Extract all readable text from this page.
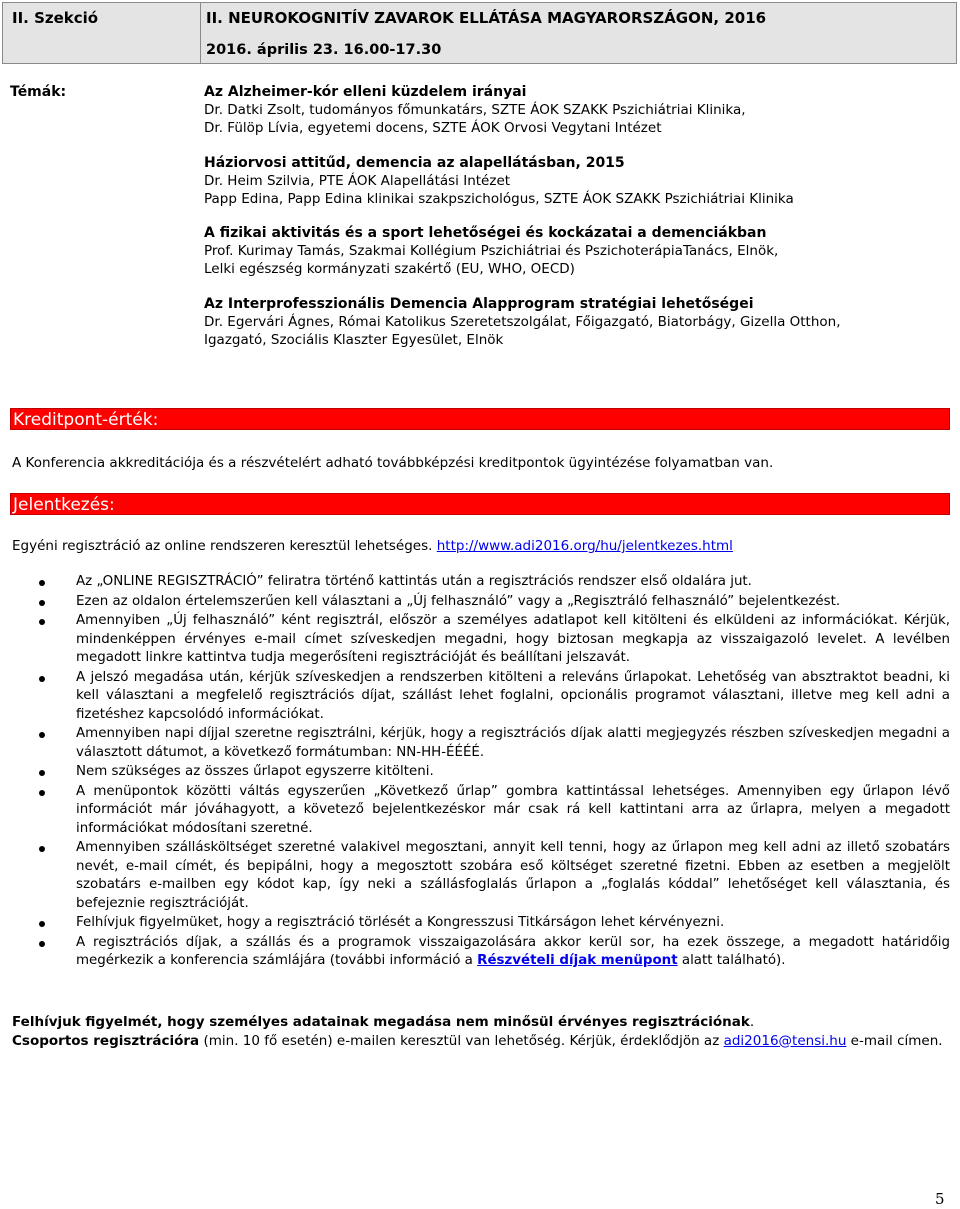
II. Szekció	II. NEUROKOGNITÍV ZAVAROK ELLÁTÁSA MAGYARORSZÁGON, 2016
2016. április 23. 16.00-17.30
Témák:	Az Alzheimer-kór elleni küzdelem irányai
Dr. Datki Zsolt, tudományos főmunkatárs, SZTE ÁOK SZAKK Pszichiátriai Klinika,
Dr. Fülöp Lívia, egyetemi docens, SZTE ÁOK Orvosi Vegytani Intézet
Háziorvosi attitűd, demencia az alapellátásban, 2015
Dr. Heim Szilvia, PTE ÁOK Alapellátási Intézet
Papp Edina, Papp Edina klinikai szakpszichológus, SZTE ÁOK SZAKK Pszichiátriai Klinika
A fizikai aktivitás és a sport lehetőségei és kockázatai a demenciákban
Prof. Kurimay Tamás, Szakmai Kollégium Pszichiátriai és PszichoterápiaTanács, Elnök,
Lelki egészség kormányzati szakértő (EU, WHO, OECD)
Az Interprofesszionális Demencia Alapprogram stratégiai lehetőségei
Dr. Egervári Ágnes, Római Katolikus Szeretetszolgálat, Főigazgató, Biatorbágy, Gizella Otthon,
Igazgató, Szociális Klaszter Egyesület, Elnök
Kreditpont-érték:
A Konferencia akkreditációja és a részvételért adható továbbképzési kreditpontok ügyintézése folyamatban van.
Jelentkezés:
Egyéni regisztráció az online rendszeren keresztül lehetséges. http://www.adi2016.org/hu/jelentkezes.html
Az „ONLINE REGISZTRÁCIÓ” feliratra történő kattintás után a regisztrációs rendszer első oldalára jut.
Ezen az oldalon értelemszerűen kell választani a „Új felhasználó” vagy a „Regisztráló felhasználó” bejelentkezést.
Amennyiben „Új felhasználó” ként regisztrál, először a személyes adatlapot kell kitölteni és elküldeni az információkat. Kérjük, mindenképpen érvényes e-mail címet szíveskedjen megadni, hogy biztosan megkapja az visszaigazoló levelet. A levélben megadott linkre kattintva tudja megerősíteni regisztrációját és beállítani jelszavát.
A jelszó megadása után, kérjük szíveskedjen a rendszerben kitölteni a releváns űrlapokat. Lehetőség van absztraktot beadni, ki kell választani a megfelelő regisztrációs díjat, szállást lehet foglalni, opcionális programot választani, illetve meg kell adni a fizetéshez kapcsolódó információkat.
Amennyiben napi díjjal szeretne regisztrálni, kérjük, hogy a regisztrációs díjak alatti megjegyzés részben szíveskedjen megadni a választott dátumot, a következő formátumban: NN-HH-ÉÉÉÉ.
Nem szükséges az összes űrlapot egyszerre kitölteni.
A menüpontok közötti váltás egyszerűen „Következő űrlap” gombra kattintással lehetséges. Amennyiben egy űrlapon lévő információt már jóváhagyott, a követező bejelentkezéskor már csak rá kell kattintani arra az űrlapra, melyen a megadott információkat módosítani szeretné.
Amennyiben szállásköltséget szeretné valakivel megosztani, annyit kell tenni, hogy az űrlapon meg kell adni az illető szobatárs nevét, e-mail címét, és bepipálni, hogy a megosztott szobára eső költséget szeretné fizetni. Ebben az esetben a megjelölt szobatárs e-mailben egy kódot kap, így neki a szállásfoglalás űrlapon a „foglalás kóddal” lehetőséget kell választania, és befejeznie regisztrációját.
Felhívjuk figyelmüket, hogy a regisztráció törlését a Kongresszusi Titkárságon lehet kérvényezni.
A regisztrációs díjak, a szállás és a programok visszaigazolására akkor kerül sor, ha ezek összege, a megadott határidőig megérkezik a konferencia számlájára (további információ a Részvételi díjak menüpont alatt található).
Felhívjuk figyelmét, hogy személyes adatainak megadása nem minősül érvényes regisztrációnak.
Csoportos regisztrációra (min. 10 fő esetén) e-mailen keresztül van lehetőség. Kérjük, érdeklődjön az adi2016@tensi.hu e-mail címen.
5
